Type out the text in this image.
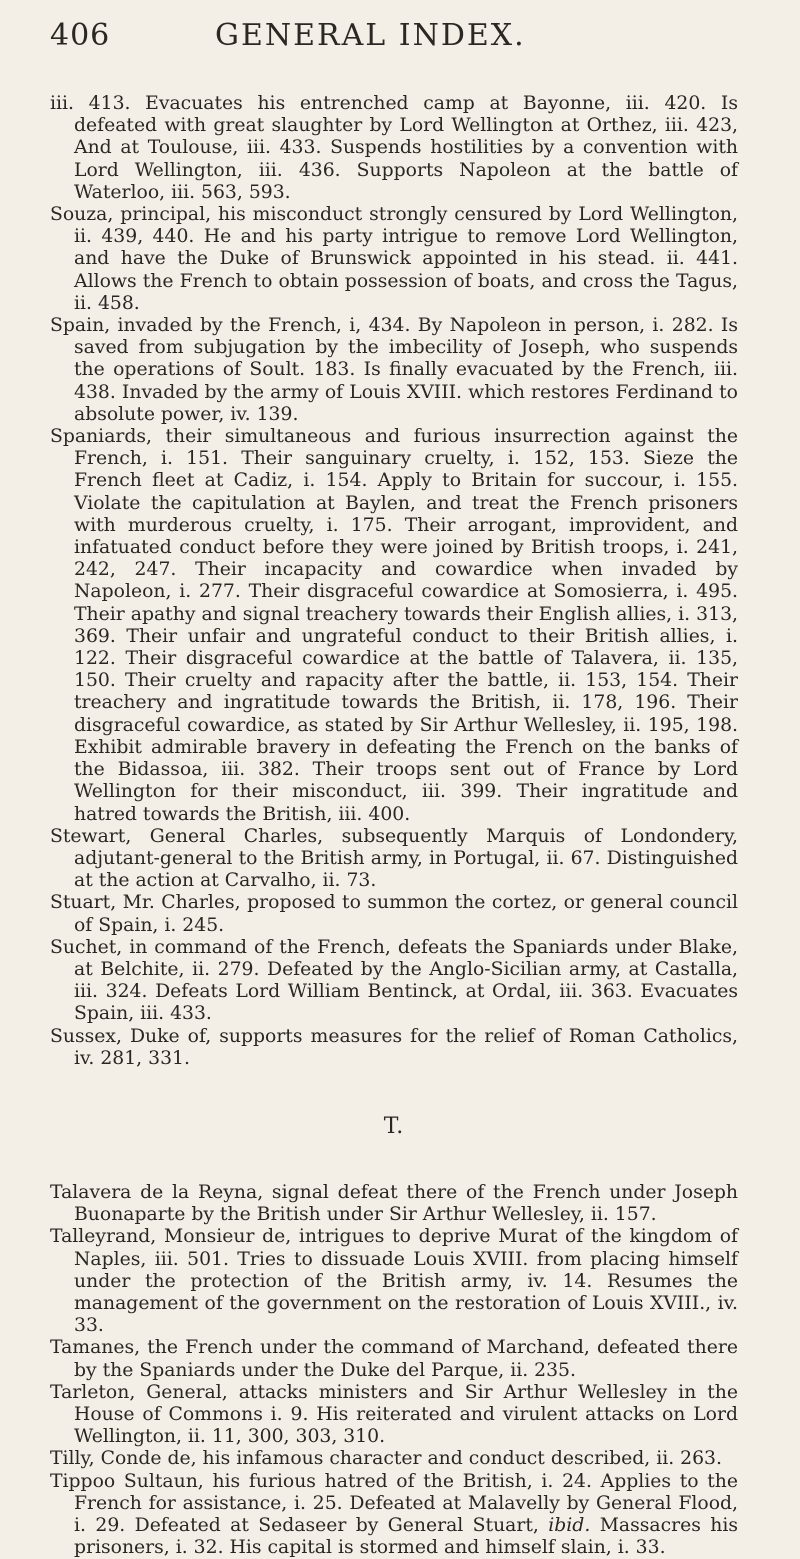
406	GENERAL INDEX.

iii. 413. Evacuates his entrenched camp at Bayonne, iii. 420. Is defeated with great slaughter by Lord Wellington at Orthez, iii. 423, And at Toulouse, iii. 433. Suspends hostilities by a convention with Lord Wellington, iii. 436. Supports Napoleon at the battle of Waterloo, iii. 563, 593.

Souza, principal, his misconduct strongly censured by Lord Wellington, ii. 439, 440. He and his party intrigue to remove Lord Wellington, and have the Duke of Brunswick appointed in his stead. ii. 441. Allows the French to obtain possession of boats, and cross the Tagus, ii. 458.

Spain, invaded by the French, i, 434. By Napoleon in person, i. 282. Is saved from subjugation by the imbecility of Joseph, who suspends the operations of Soult. 183. Is finally evacuated by the French, iii. 438. Invaded by the army of Louis XVIII. which restores Ferdinand to absolute power, iv. 139.

Spaniards, their simultaneous and furious insurrection against the French, i. 151. Their sanguinary cruelty, i. 152, 153. Sieze the French fleet at Cadiz, i. 154. Apply to Britain for succour, i. 155. Violate the capitulation at Baylen, and treat the French prisoners with murderous cruelty, i. 175. Their arrogant, improvident, and infatuated conduct before they were joined by British troops, i. 241, 242, 247. Their incapacity and cowardice when invaded by Napoleon, i. 277. Their disgraceful cowardice at Somosierra, i. 495. Their apathy and signal treachery towards their English allies, i. 313, 369. Their unfair and ungrateful conduct to their British allies, i. 122. Their disgraceful cowardice at the battle of Talavera, ii. 135, 150. Their cruelty and rapacity after the battle, ii. 153, 154. Their treachery and ingratitude towards the British, ii. 178, 196. Their disgraceful cowardice, as stated by Sir Arthur Wellesley, ii. 195, 198. Exhibit admirable bravery in defeating the French on the banks of the Bidassoa, iii. 382. Their troops sent out of France by Lord Wellington for their misconduct, iii. 399. Their ingratitude and hatred towards the British, iii. 400.

Stewart, General Charles, subsequently Marquis of Londondery, adjutant-general to the British army, in Portugal, ii. 67. Distinguished at the action at Carvalho, ii. 73.

Stuart, Mr. Charles, proposed to summon the cortez, or general council of Spain, i. 245.

Suchet, in command of the French, defeats the Spaniards under Blake, at Belchite, ii. 279. Defeated by the Anglo-Sicilian army, at Castalla, iii. 324. Defeats Lord William Bentinck, at Ordal, iii. 363. Evacuates Spain, iii. 433.

Sussex, Duke of, supports measures for the relief of Roman Catholics, iv. 281, 331.

T.

Talavera de la Reyna, signal defeat there of the French under Joseph Buonaparte by the British under Sir Arthur Wellesley, ii. 157.

Talleyrand, Monsieur de, intrigues to deprive Murat of the kingdom of Naples, iii. 501. Tries to dissuade Louis XVIII. from placing himself under the protection of the British army, iv. 14. Resumes the management of the government on the restoration of Louis XVIII., iv. 33.

Tamanes, the French under the command of Marchand, defeated there by the Spaniards under the Duke del Parque, ii. 235.

Tarleton, General, attacks ministers and Sir Arthur Wellesley in the House of Commons i. 9. His reiterated and virulent attacks on Lord Wellington, ii. 11, 300, 303, 310.

Tilly, Conde de, his infamous character and conduct described, ii. 263.

Tippoo Sultaun, his furious hatred of the British, i. 24. Applies to the French for assistance, i. 25. Defeated at Malavelly by General Flood, i. 29. Defeated at Sedaseer by General Stuart, ibid. Massacres his prisoners, i. 32. His capital is stormed and himself slain, i. 33.
